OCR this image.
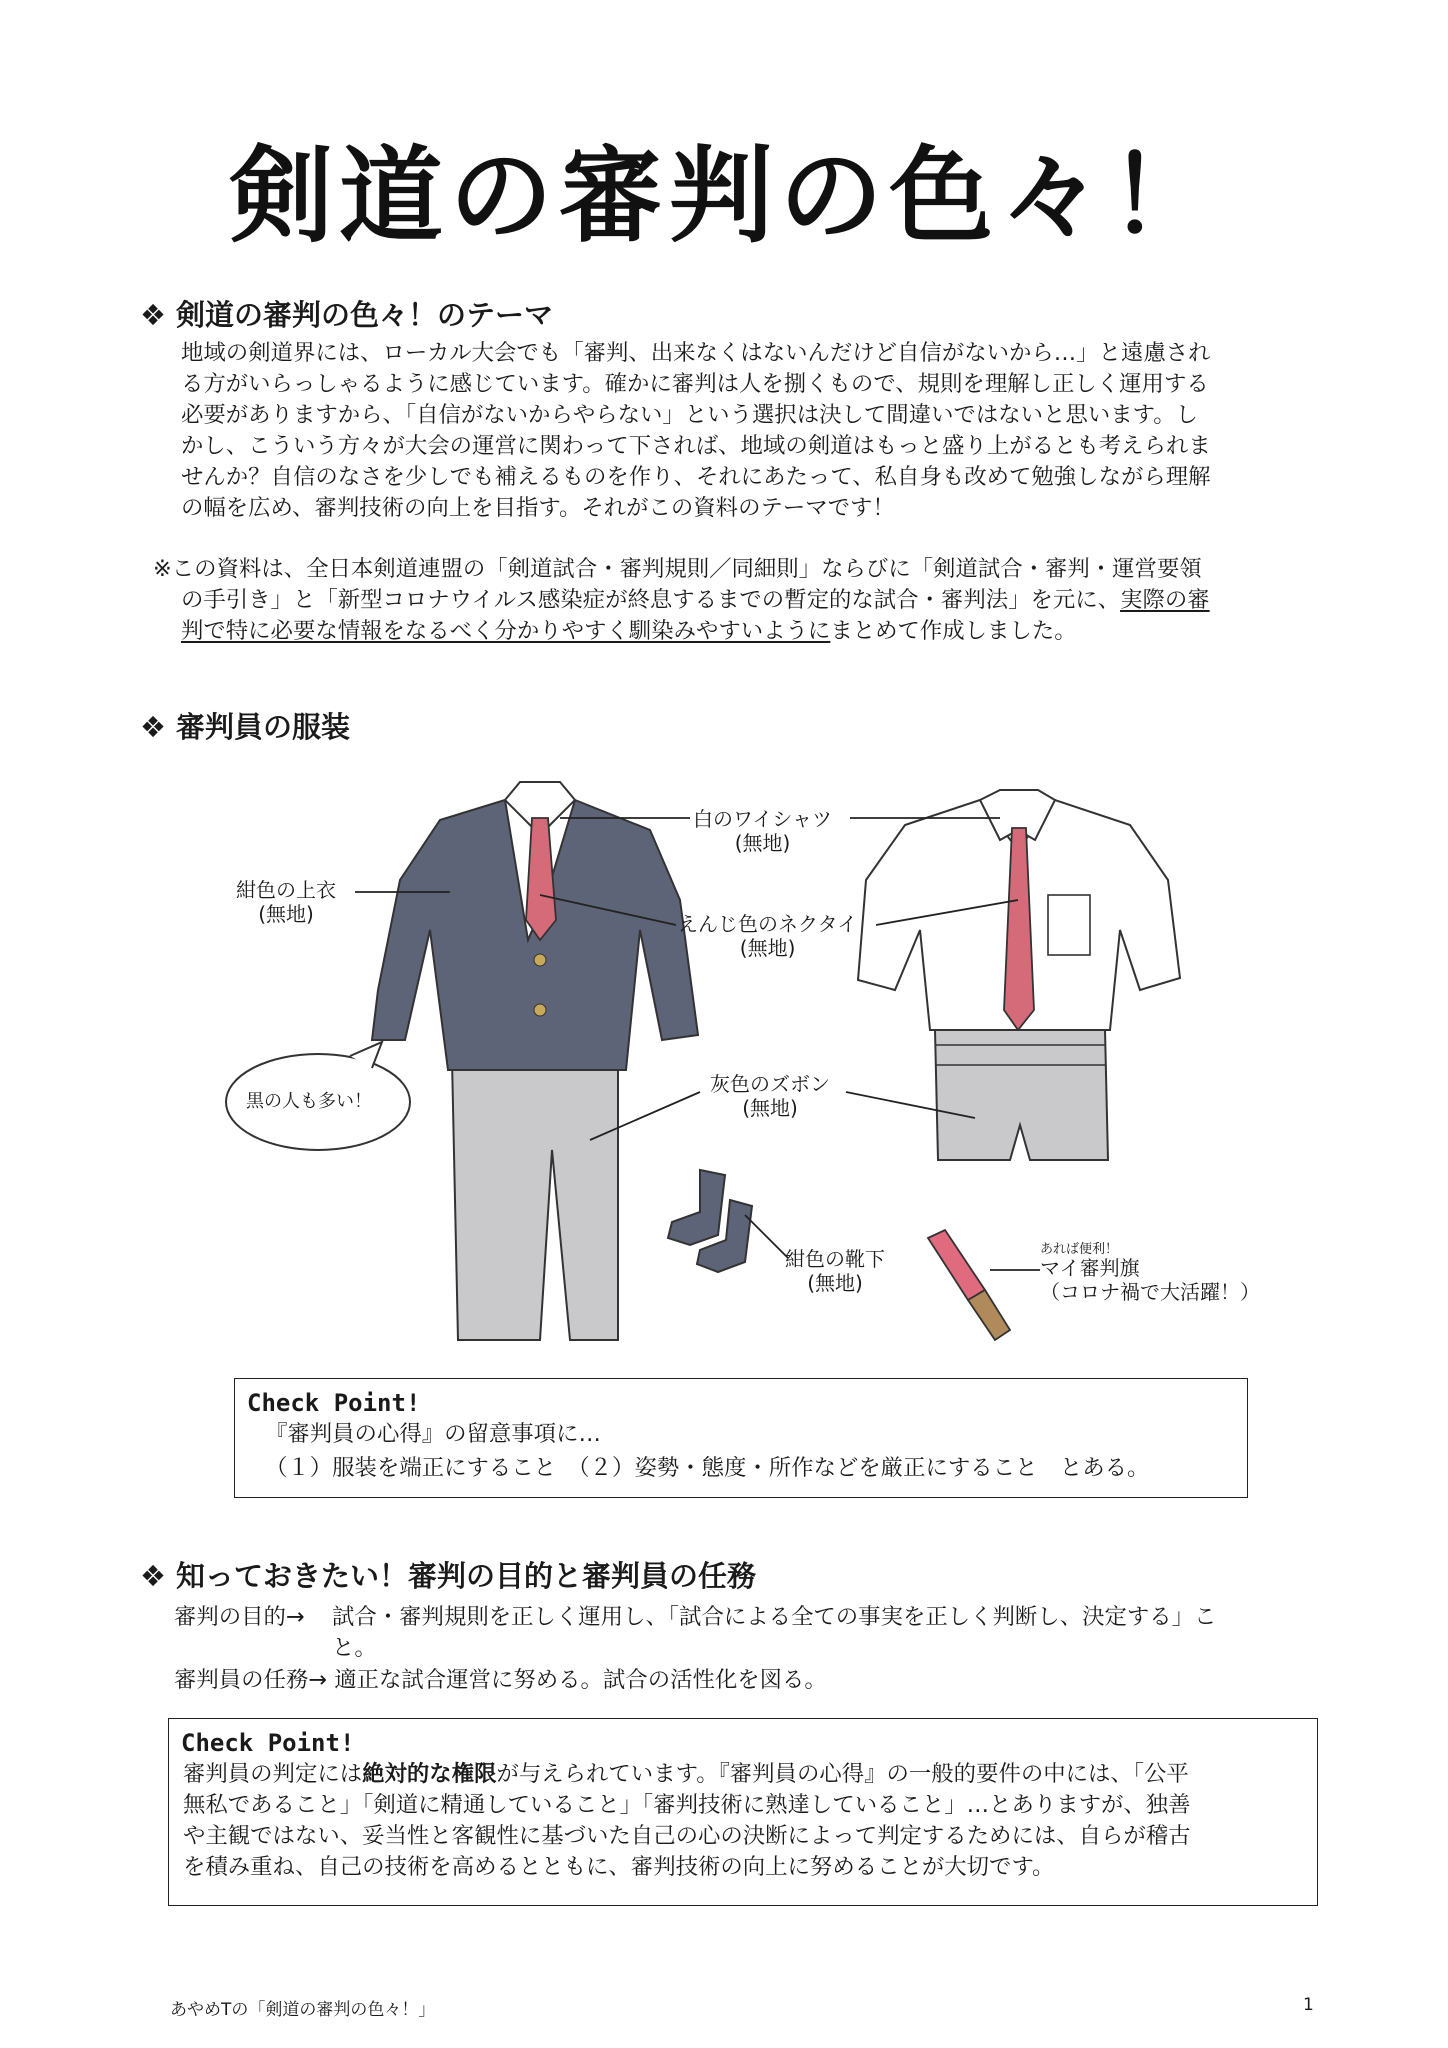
剣道の審判の色々！
❖ 剣道の審判の色々！のテーマ
地域の剣道界には、ローカル大会でも「審判、出来なくはないんだけど自信がないから…」と遠慮され
る方がいらっしゃるように感じています。確かに審判は人を捌くもので、規則を理解し正しく運用する
必要がありますから、「自信がないからやらない」という選択は決して間違いではないと思います。し
かし、こういう方々が大会の運営に関わって下されば、地域の剣道はもっと盛り上がるとも考えられま
せんか？自信のなさを少しでも補えるものを作り、それにあたって、私自身も改めて勉強しながら理解
の幅を広め、審判技術の向上を目指す。それがこの資料のテーマです！
※この資料は、全日本剣道連盟の「剣道試合・審判規則／同細則」ならびに「剣道試合・審判・運営要領
の手引き」と「新型コロナウイルス感染症が終息するまでの暫定的な試合・審判法」を元に、実際の審
判で特に必要な情報をなるべく分かりやすく馴染みやすいようにまとめて作成しました。
❖ 審判員の服装
白のワイシャツ
(無地)
紺色の上衣
(無地)	えんじ色のネクタイ
(無地)
灰色のズボン
(無地)
紺色の靴下
(無地)
黒の人も多い！
あれば便利！
マイ審判旗
（コロナ禍で大活躍！）
Check Point!
『審判員の心得』の留意事項に…
（１）服装を端正にすること　（２）姿勢・態度・所作などを厳正にすること　とある。
❖ 知っておきたい！審判の目的と審判員の任務
審判の目的→ 試合・審判規則を正しく運用し、「試合による全ての事実を正しく判断し、決定する」こ
と。
審判員の任務→ 適正な試合運営に努める。試合の活性化を図る。
Check Point!
審判員の判定には絶対的な権限が与えられています。『審判員の心得』の一般的要件の中には、「公平
無私であること」「剣道に精通していること」「審判技術に熟達していること」…とありますが、独善
や主観ではない、妥当性と客観性に基づいた自己の心の決断によって判定するためには、自らが稽古
を積み重ね、自己の技術を高めるとともに、審判技術の向上に努めることが大切です。
あやめTの「剣道の審判の色々！」	1
